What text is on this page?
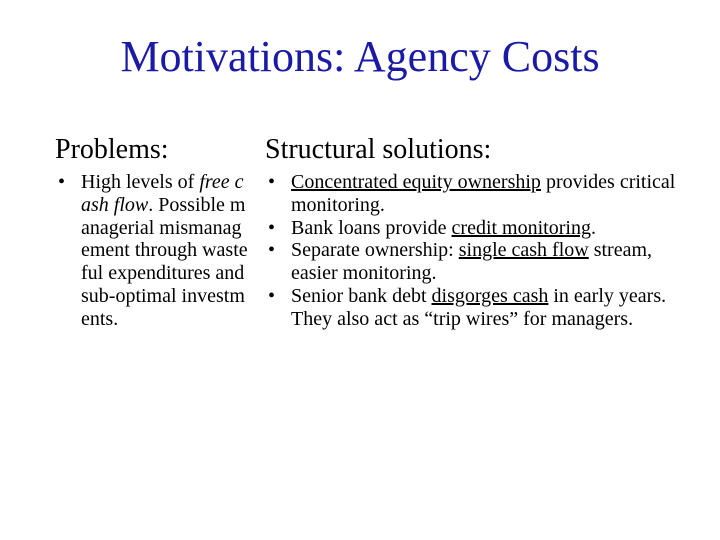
Motivations: Agency Costs
Problems:
• High levels of free cash flow. Possible managerial mismanagement through wasteful expenditures and sub-optimal investments.
Structural solutions:
• Concentrated equity ownership provides critical monitoring.
• Bank loans provide credit monitoring.
• Separate ownership: single cash flow stream, easier monitoring.
• Senior bank debt disgorges cash in early years. They also act as “trip wires” for managers.
